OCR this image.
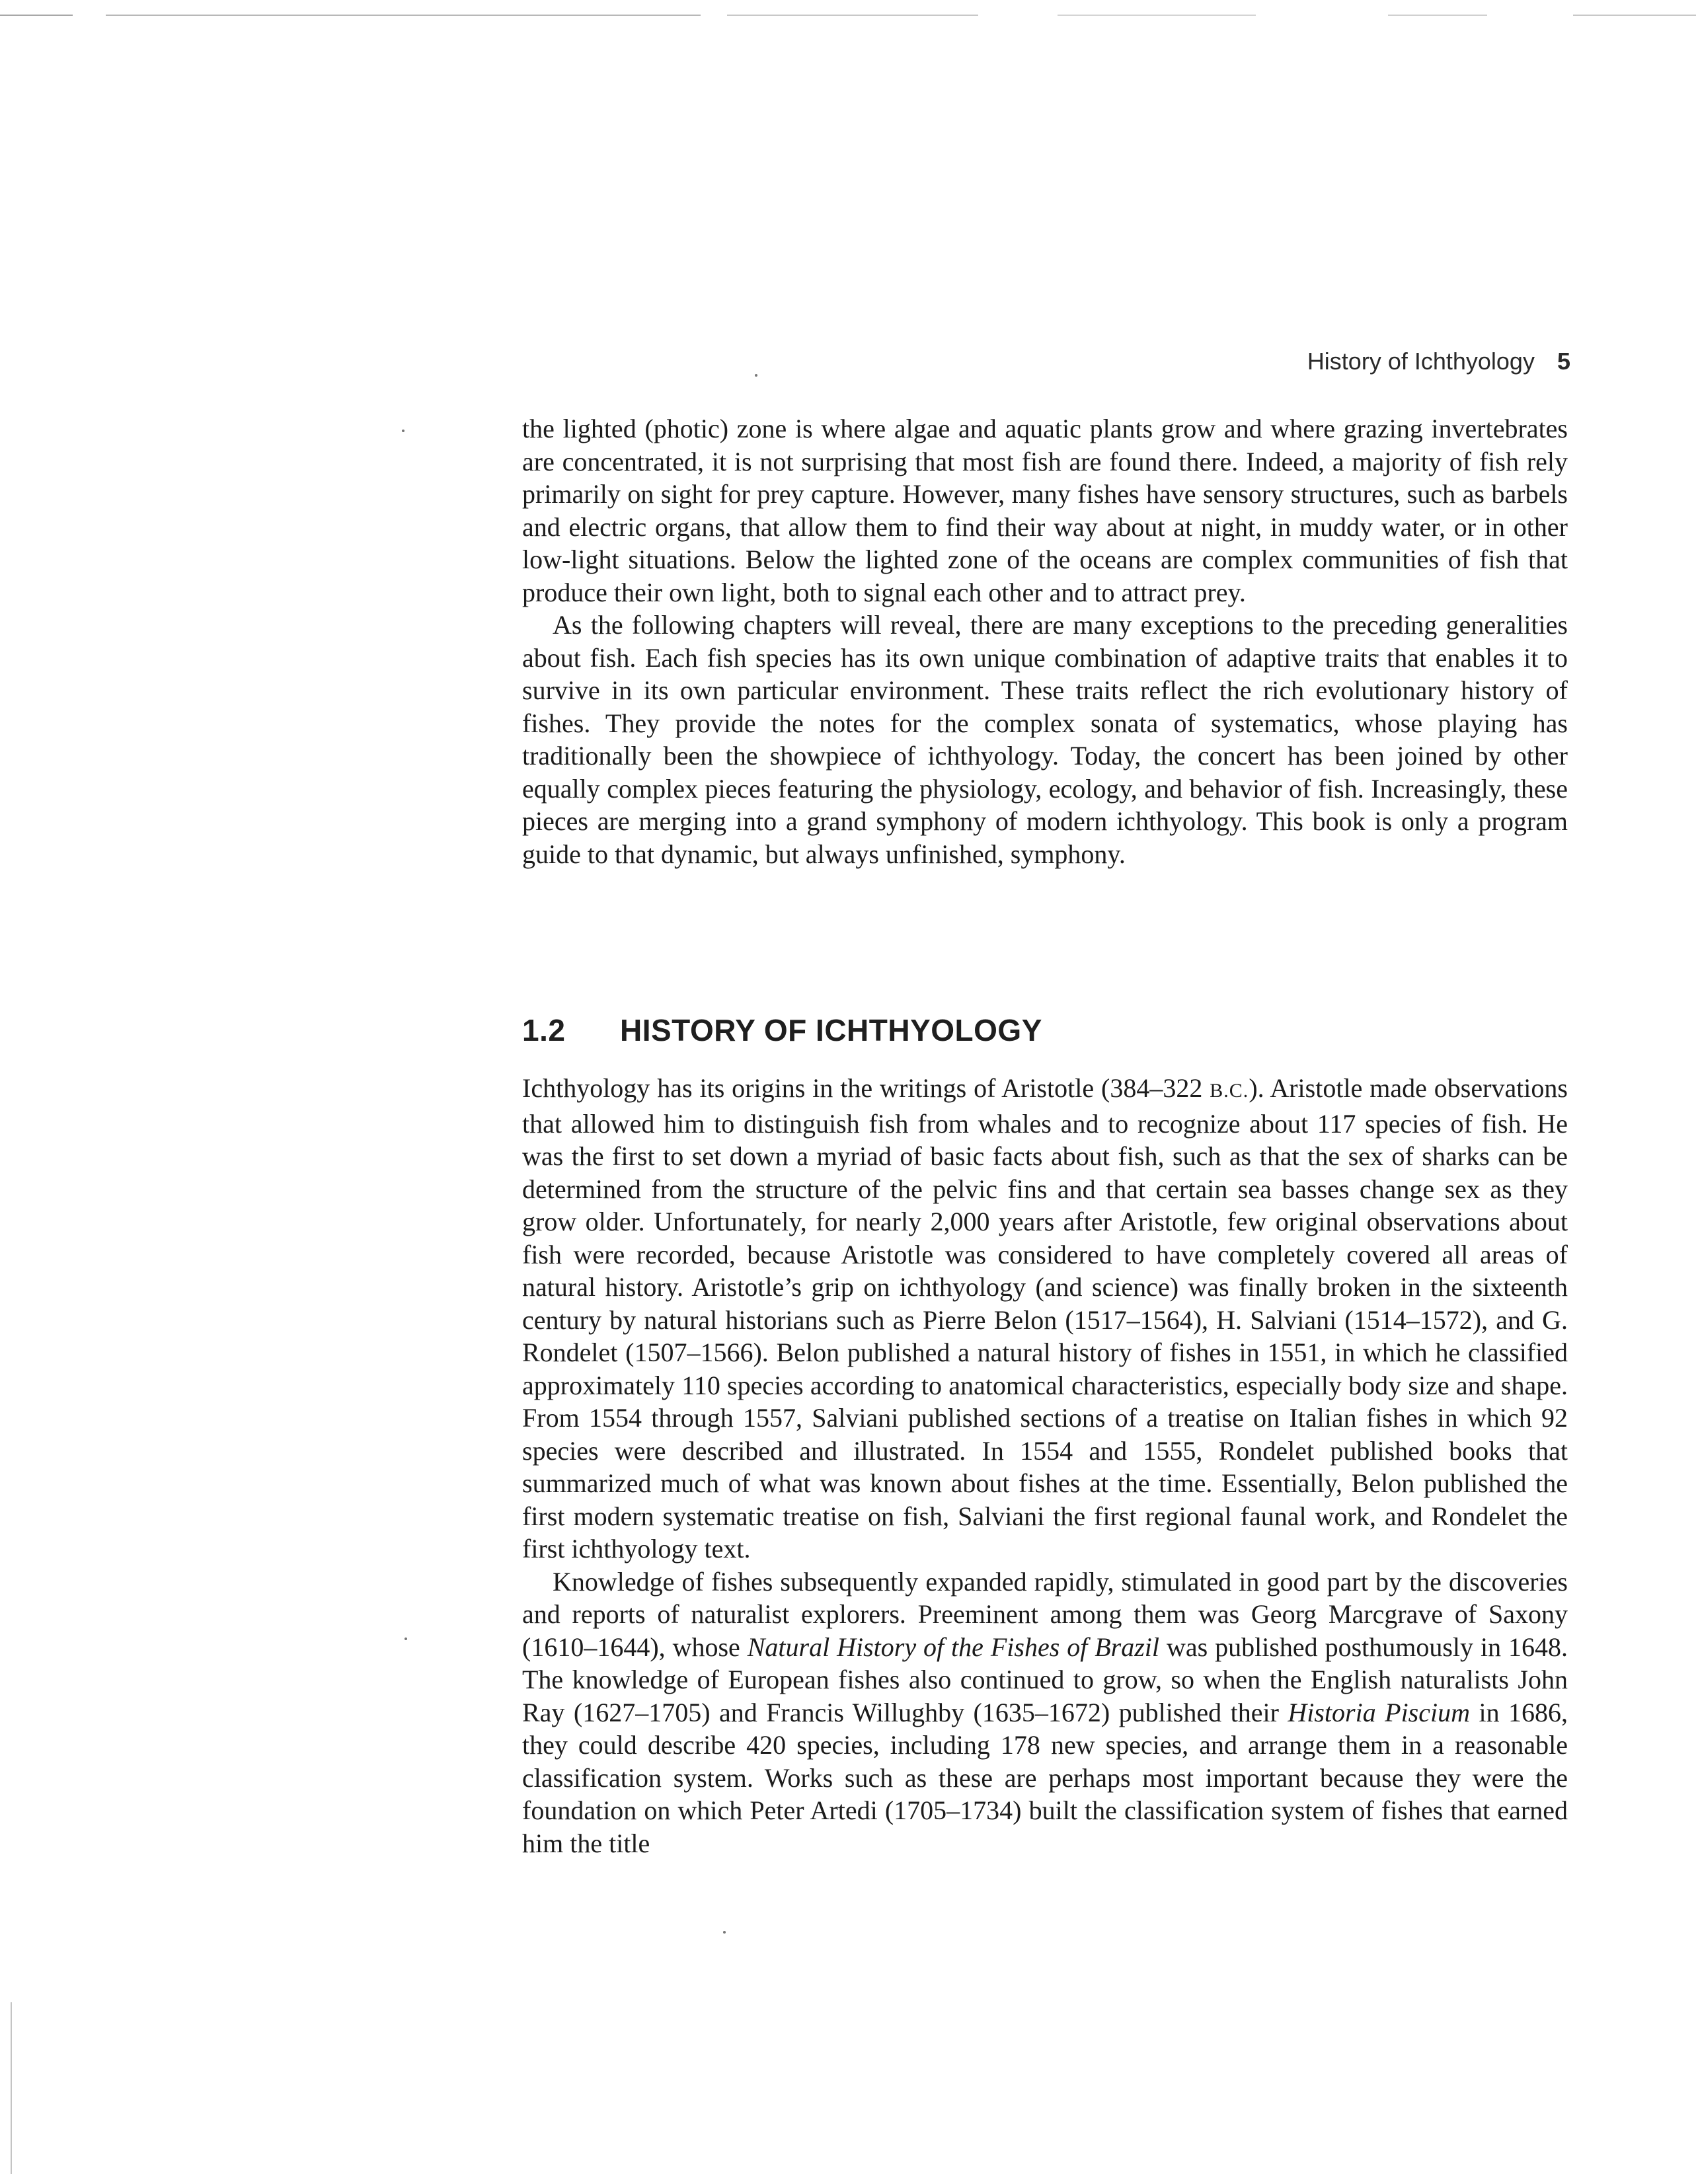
History of Ichthyology 5

the lighted (photic) zone is where algae and aquatic plants grow and where grazing invertebrates are concentrated, it is not surprising that most fish are found there. Indeed, a majority of fish rely primarily on sight for prey capture. However, many fishes have sensory structures, such as barbels and electric organs, that allow them to find their way about at night, in muddy water, or in other low-light situations. Below the lighted zone of the oceans are complex communities of fish that produce their own light, both to signal each other and to attract prey.

As the following chapters will reveal, there are many exceptions to the preceding generalities about fish. Each fish species has its own unique combination of adaptive traits that enables it to survive in its own particular environment. These traits reflect the rich evolutionary history of fishes. They provide the notes for the complex sonata of systematics, whose playing has traditionally been the showpiece of ichthyology. Today, the concert has been joined by other equally complex pieces featuring the physiology, ecology, and behavior of fish. Increasingly, these pieces are merging into a grand symphony of modern ichthyology. This book is only a program guide to that dynamic, but always unfinished, symphony.

1.2 HISTORY OF ICHTHYOLOGY

Ichthyology has its origins in the writings of Aristotle (384–322 B.C.). Aristotle made observations that allowed him to distinguish fish from whales and to recognize about 117 species of fish. He was the first to set down a myriad of basic facts about fish, such as that the sex of sharks can be determined from the structure of the pelvic fins and that certain sea basses change sex as they grow older. Unfortunately, for nearly 2,000 years after Aristotle, few original observations about fish were recorded, because Aristotle was considered to have completely covered all areas of natural history. Aristotle’s grip on ichthyology (and science) was finally broken in the sixteenth century by natural historians such as Pierre Belon (1517–1564), H. Salviani (1514–1572), and G. Rondelet (1507–1566). Belon published a natural history of fishes in 1551, in which he classified approximately 110 species according to anatomical characteristics, especially body size and shape. From 1554 through 1557, Salviani published sections of a treatise on Italian fishes in which 92 species were described and illustrated. In 1554 and 1555, Rondelet published books that summarized much of what was known about fishes at the time. Essentially, Belon published the first modern systematic treatise on fish, Salviani the first regional faunal work, and Rondelet the first ichthyology text.

Knowledge of fishes subsequently expanded rapidly, stimulated in good part by the discoveries and reports of naturalist explorers. Preeminent among them was Georg Marcgrave of Saxony (1610–1644), whose Natural History of the Fishes of Brazil was published posthumously in 1648. The knowledge of European fishes also continued to grow, so when the English naturalists John Ray (1627–1705) and Francis Willughby (1635–1672) published their Historia Piscium in 1686, they could describe 420 species, including 178 new species, and arrange them in a reasonable classification system. Works such as these are perhaps most important because they were the foundation on which Peter Artedi (1705–1734) built the classification system of fishes that earned him the title
